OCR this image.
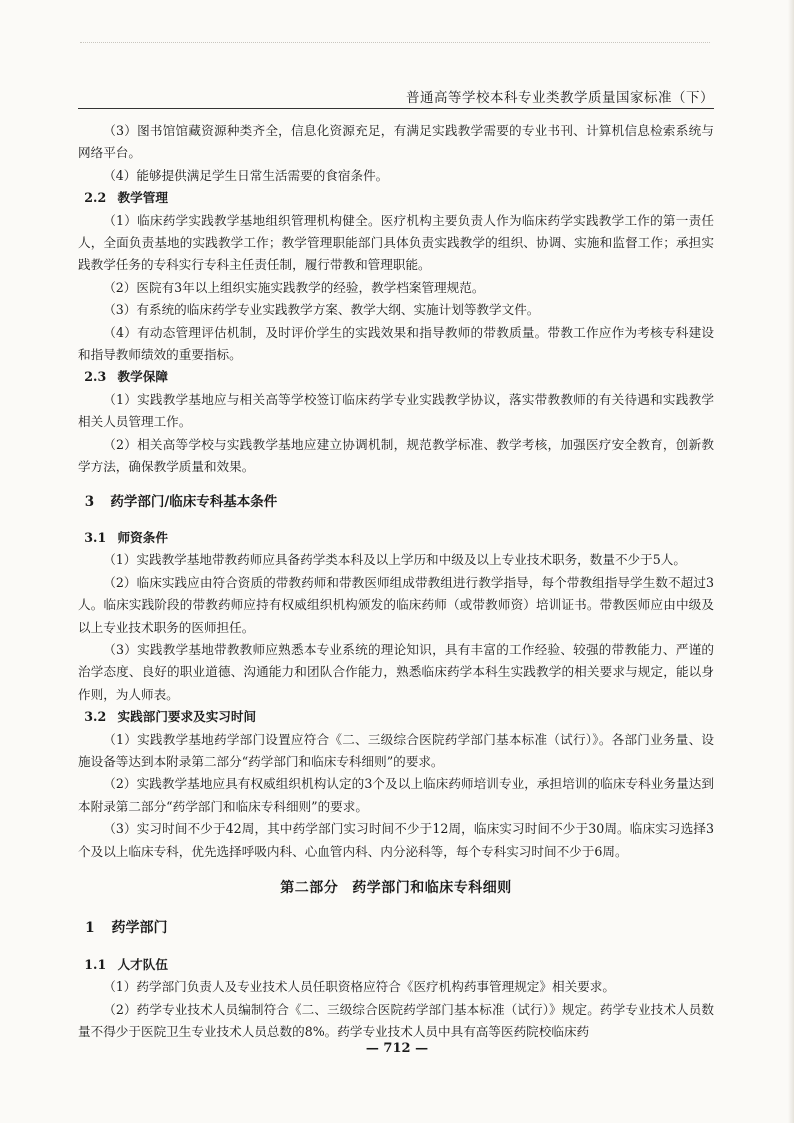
普通高等学校本科专业类教学质量国家标准（下）
（3）图书馆馆藏资源种类齐全，信息化资源充足，有满足实践教学需要的专业书刊、计算机信息检索系统与网络平台。
（4）能够提供满足学生日常生活需要的食宿条件。
2.2 教学管理
（1）临床药学实践教学基地组织管理机构健全。医疗机构主要负责人作为临床药学实践教学工作的第一责任人，全面负责基地的实践教学工作；教学管理职能部门具体负责实践教学的组织、协调、实施和监督工作；承担实践教学任务的专科实行专科主任责任制，履行带教和管理职能。
（2）医院有3年以上组织实施实践教学的经验，教学档案管理规范。
（3）有系统的临床药学专业实践教学方案、教学大纲、实施计划等教学文件。
（4）有动态管理评估机制，及时评价学生的实践效果和指导教师的带教质量。带教工作应作为考核专科建设和指导教师绩效的重要指标。
2.3 教学保障
（1）实践教学基地应与相关高等学校签订临床药学专业实践教学协议，落实带教教师的有关待遇和实践教学相关人员管理工作。
（2）相关高等学校与实践教学基地应建立协调机制，规范教学标准、教学考核，加强医疗安全教育，创新教学方法，确保教学质量和效果。
3 药学部门/临床专科基本条件
3.1 师资条件
（1）实践教学基地带教药师应具备药学类本科及以上学历和中级及以上专业技术职务，数量不少于5人。
（2）临床实践应由符合资质的带教药师和带教医师组成带教组进行教学指导，每个带教组指导学生数不超过3人。临床实践阶段的带教药师应持有权威组织机构颁发的临床药师（或带教师资）培训证书。带教医师应由中级及以上专业技术职务的医师担任。
（3）实践教学基地带教教师应熟悉本专业系统的理论知识，具有丰富的工作经验、较强的带教能力、严谨的治学态度、良好的职业道德、沟通能力和团队合作能力，熟悉临床药学本科生实践教学的相关要求与规定，能以身作则，为人师表。
3.2 实践部门要求及实习时间
（1）实践教学基地药学部门设置应符合《二、三级综合医院药学部门基本标准（试行）》。各部门业务量、设施设备等达到本附录第二部分“药学部门和临床专科细则”的要求。
（2）实践教学基地应具有权威组织机构认定的3个及以上临床药师培训专业，承担培训的临床专科业务量达到本附录第二部分“药学部门和临床专科细则”的要求。
（3）实习时间不少于42周，其中药学部门实习时间不少于12周，临床实习时间不少于30周。临床实习选择3个及以上临床专科，优先选择呼吸内科、心血管内科、内分泌科等，每个专科实习时间不少于6周。
第二部分 药学部门和临床专科细则
1 药学部门
1.1 人才队伍
（1）药学部门负责人及专业技术人员任职资格应符合《医疗机构药事管理规定》相关要求。
（2）药学专业技术人员编制符合《二、三级综合医院药学部门基本标准（试行）》规定。药学专业技术人员数量不得少于医院卫生专业技术人员总数的8%。药学专业技术人员中具有高等医药院校临床药
— 712 —
